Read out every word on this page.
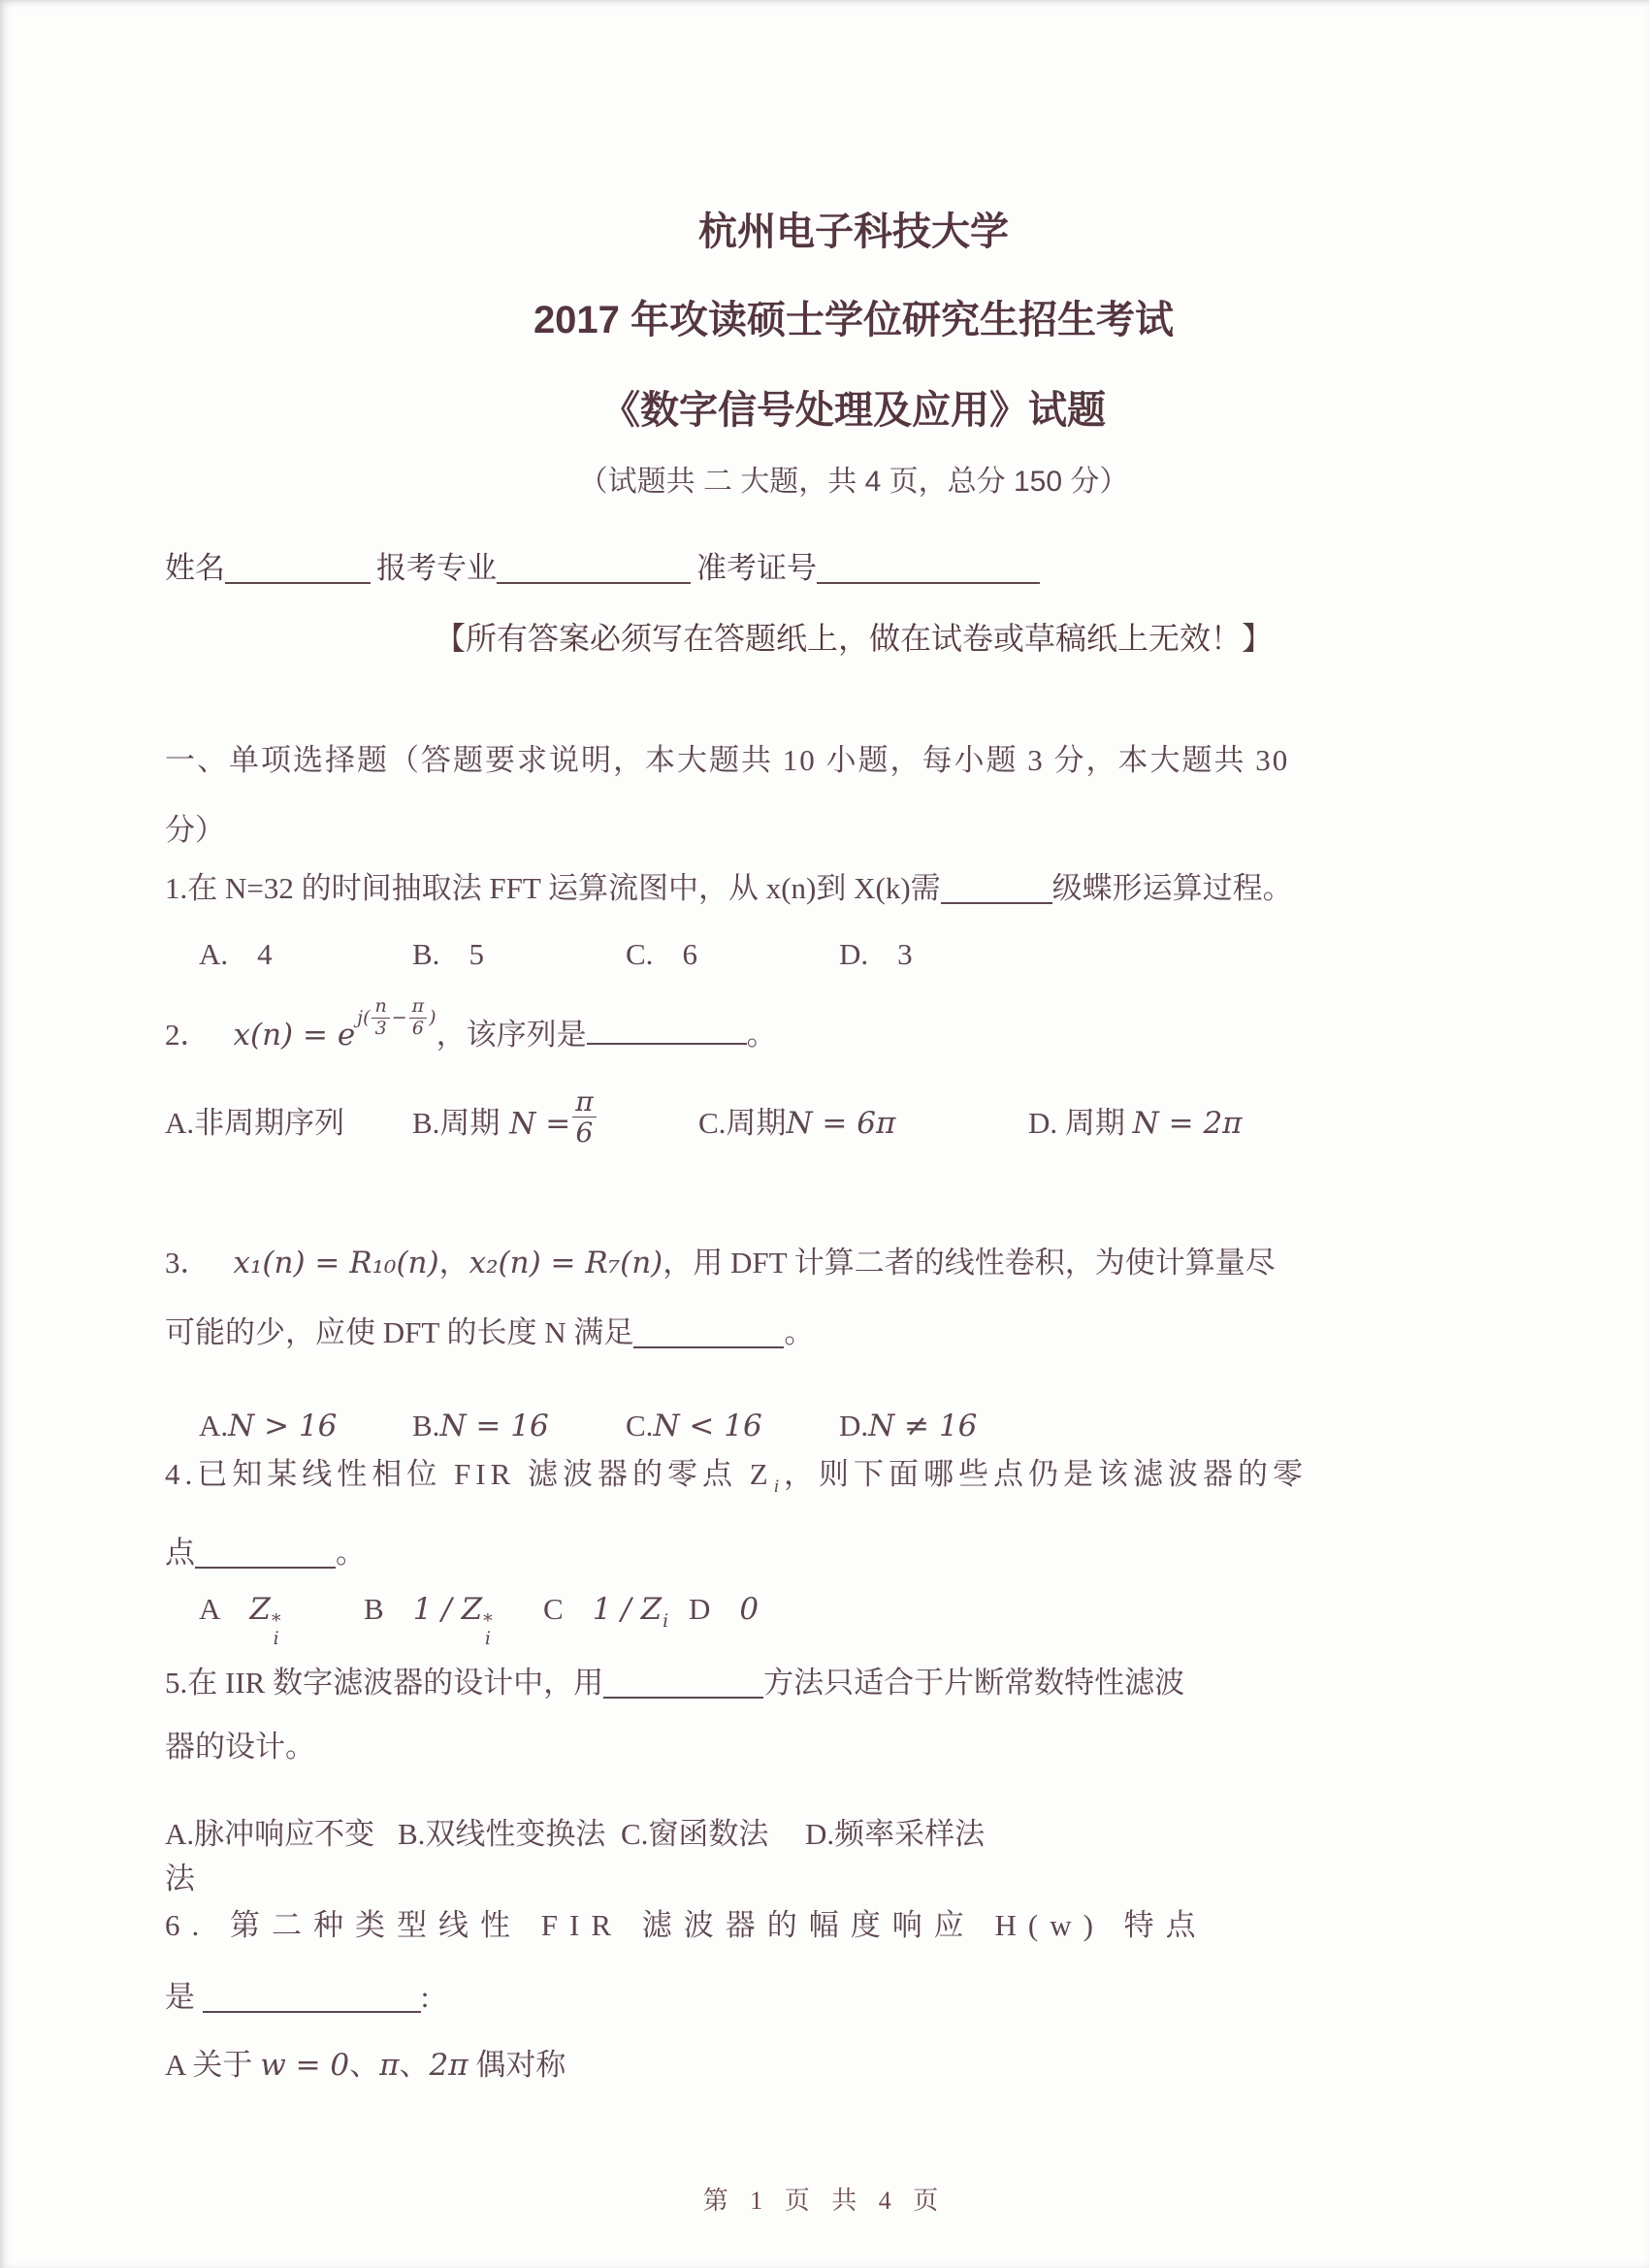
杭州电子科技大学
2017 年攻读硕士学位研究生招生考试
《数字信号处理及应用》试题
（试题共 二 大题，共 4 页，总分 150 分）
姓名	报考专业	准考证号
【所有答案必须写在答题纸上，做在试卷或草稿纸上无效！】
一、单项选择题（答题要求说明，本大题共 10 小题，每小题 3 分，本大题共 30
分）
1.在 N=32 的时间抽取法 FFT 运算流图中，从 x(n)到 X(k)需	级蝶形运算过程。
A. 4	B. 5	C. 6	D. 3
2． x(n) = e $j( \frac{n}{3} - \frac{\pi}{6}$ ) ，该序列是	。
A.非周期序列 B.周期 $N = \frac{\pi}{6}$	C.周期 N = 6π	D. 周期
N = 2π
3． x₁(n) = R₁₀(n)，x₂(n) = R₇(n)，用 DFT 计算二者的线性卷积，为使计算量尽
可能的少，应使 DFT 的长度 N 满足	。
A. N > 16	B. N = 16	C. N < 16	D. N ≠ 16
4.已知某线性相位 FIR 滤波器的零点 $Z_i$，则下面哪些点仍是该滤波器的零
点	。
A Z *
i
B 1 / Z *
i
C $1 / Z_i$ D 0
5.在 IIR 数字滤波器的设计中，用	方法只适合于片断常数特性滤波
器的设计。
A.脉冲响应不变法
B.双线性变换法 C.窗函数法	D.频率采样法
6. 第二种类型线性 FIR 滤波器的幅度响应 H(w) 特点
是	:
A 关于 w = 0、π、2π 偶对称
第 1 页 共 4 页
